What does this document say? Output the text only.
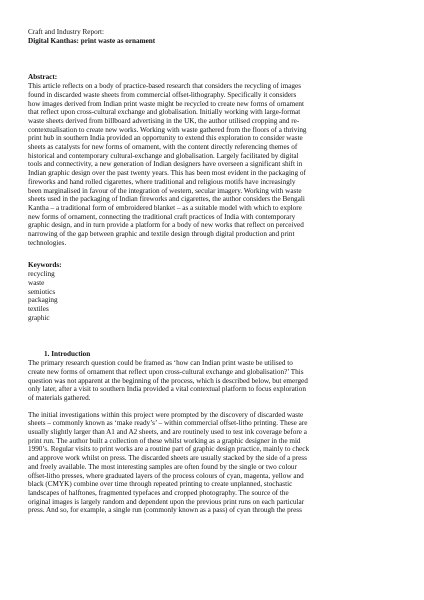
Craft and Industry Report:
Digital Kanthas: print waste as ornament
Abstract:
This article reflects on a body of practice-based research that considers the recycling of images
found in discarded waste sheets from commercial offset-lithography. Specifically it considers
how images derived from Indian print waste might be recycled to create new forms of ornament
that reflect upon cross-cultural exchange and globalisation. Initially working with large-format
waste sheets derived from billboard advertising in the UK, the author utilised cropping and re-
contextualisation to create new works. Working with waste gathered from the floors of a thriving
print hub in southern India provided an opportunity to extend this exploration to consider waste
sheets as catalysts for new forms of ornament, with the content directly referencing themes of
historical and contemporary cultural-exchange and globalisation. Largely facilitated by digital
tools and connectivity, a new generation of Indian designers have overseen a significant shift in
Indian graphic design over the past twenty years. This has been most evident in the packaging of
fireworks and hand rolled cigarettes, where traditional and religious motifs have increasingly
been marginalised in favour of the integration of western, secular imagery. Working with waste
sheets used in the packaging of Indian fireworks and cigarettes, the author considers the Bengali
Kantha – a traditional form of embroidered blanket – as a suitable model with which to explore
new forms of ornament, connecting the traditional craft practices of India with contemporary
graphic design, and in turn provide a platform for a body of new works that reflect on perceived
narrowing of the gap between graphic and textile design through digital production and print
technologies.
Keywords:
recycling
waste
semiotics
packaging
textiles
graphic
1. Introduction
The primary research question could be framed as ‘how can Indian print waste be utilised to
create new forms of ornament that reflect upon cross-cultural exchange and globalisation?’ This
question was not apparent at the beginning of the process, which is described below, but emerged
only later, after a visit to southern India provided a vital contextual platform to focus exploration
of materials gathered.
The initial investigations within this project were prompted by the discovery of discarded waste
sheets – commonly known as ‘make ready’s’ – within commercial offset-litho printing. These are
usually slightly larger than A1 and A2 sheets, and are routinely used to test ink coverage before a
print run. The author built a collection of these whilst working as a graphic designer in the mid
1990’s. Regular visits to print works are a routine part of graphic design practice, mainly to check
and approve work whilst on press. The discarded sheets are usually stacked by the side of a press
and freely available. The most interesting samples are often found by the single or two colour
offset-litho presses, where graduated layers of the process colours of cyan, magenta, yellow and
black (CMYK) combine over time through repeated printing to create unplanned, stochastic
landscapes of halftones, fragmented typefaces and cropped photography. The source of the
original images is largely random and dependent upon the previous print runs on each particular
press. And so, for example, a single run (commonly known as a pass) of cyan through the press
